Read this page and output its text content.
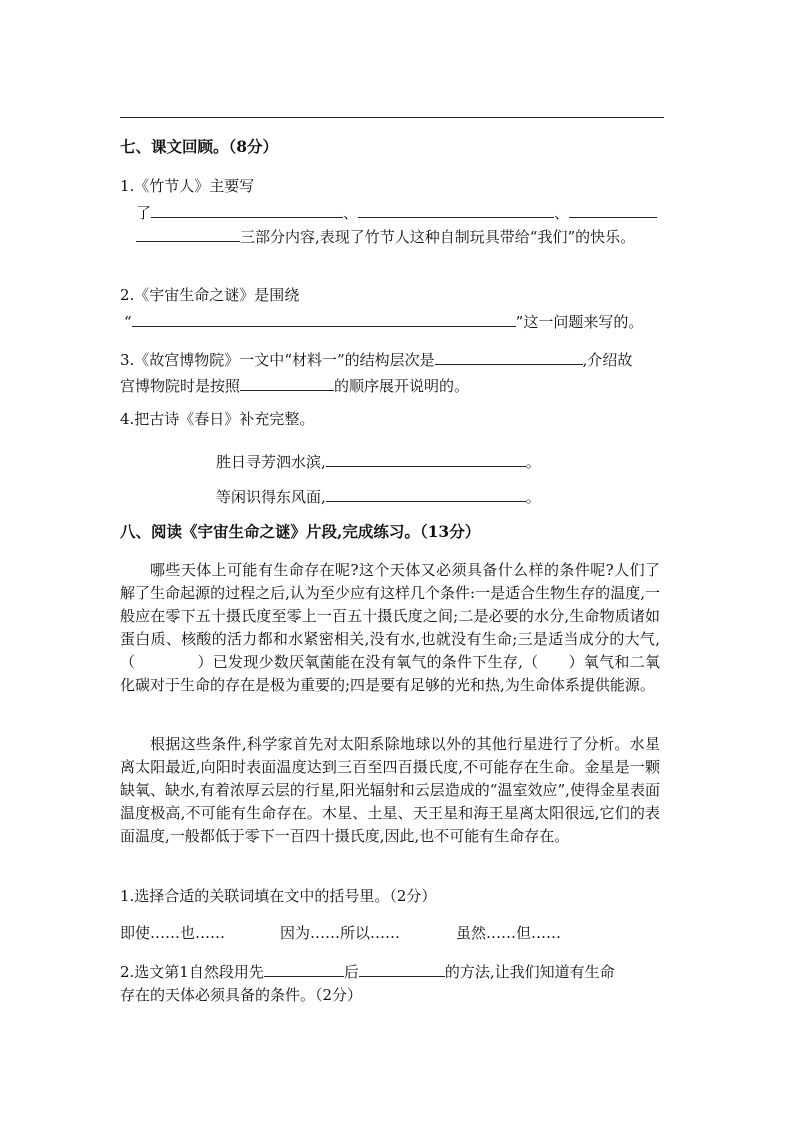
七、课文回顾。（8分）
1.《竹节人》主要写
了	、	、
三部分内容,表现了竹节人这种自制玩具带给“我们”的快乐。
2.《宇宙生命之谜》是围绕
“	”这一问题来写的。
3.《故宫博物院》一文中“材料一”的结构层次是	,介绍故
宫博物院时是按照	的顺序展开说明的。
4.把古诗《春日》补充完整。
胜日寻芳泗水滨,	。
等闲识得东风面,	。
八、阅读《宇宙生命之谜》片段,完成练习。（13分）
哪些天体上可能有生命存在呢?这个天体又必须具备什么样的条件呢?人们了解了生命起源的过程之后,认为至少应有这样几个条件:一是适合生物生存的温度,一般应在零下五十摄氏度至零上一百五十摄氏度之间;二是必要的水分,生命物质诸如蛋白质、核酸的活力都和水紧密相关,没有水,也就没有生命;三是适当成分的大气,（	）已发现少数厌氧菌能在没有氧气的条件下生存,（ ）氧气和二氧化碳对于生命的存在是极为重要的;四是要有足够的光和热,为生命体系提供能源。
根据这些条件,科学家首先对太阳系除地球以外的其他行星进行了分析。水星离太阳最近,向阳时表面温度达到三百至四百摄氏度,不可能存在生命。金星是一颗缺氧、缺水,有着浓厚云层的行星,阳光辐射和云层造成的“温室效应”,使得金星表面温度极高,不可能有生命存在。木星、土星、天王星和海王星离太阳很远,它们的表面温度,一般都低于零下一百四十摄氏度,因此,也不可能有生命存在。
1.选择合适的关联词填在文中的括号里。（2分）
即使……也……	因为……所以……	虽然……但……
2.选文第1自然段用先	后	的方法,让我们知道有生命
存在的天体必须具备的条件。（2分）
